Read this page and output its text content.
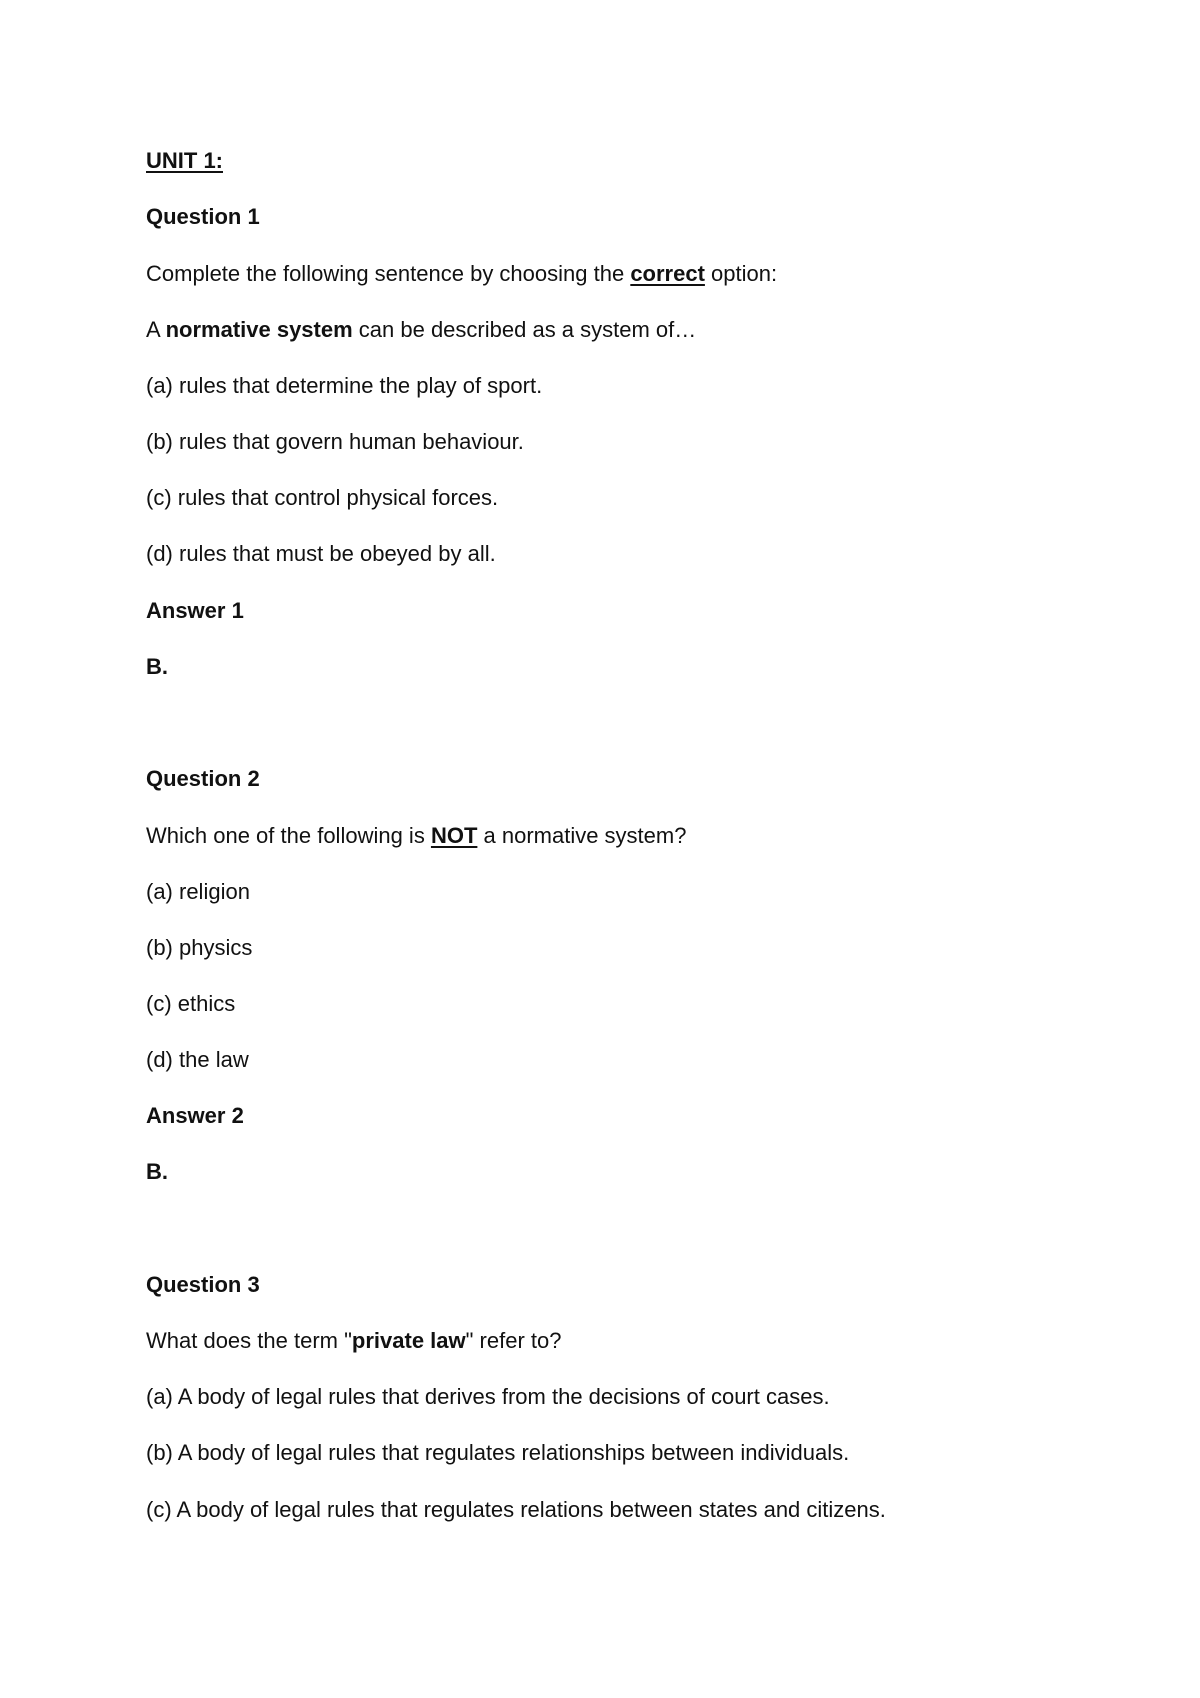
UNIT 1:
Question 1
Complete the following sentence by choosing the correct option:
A normative system can be described as a system of…
(a) rules that determine the play of sport.
(b) rules that govern human behaviour.
(c) rules that control physical forces.
(d) rules that must be obeyed by all.
Answer 1
B.
Question 2
Which one of the following is NOT a normative system?
(a) religion
(b) physics
(c) ethics
(d) the law
Answer 2
B.
Question 3
What does the term "private law" refer to?
(a) A body of legal rules that derives from the decisions of court cases.
(b) A body of legal rules that regulates relationships between individuals.
(c) A body of legal rules that regulates relations between states and citizens.
